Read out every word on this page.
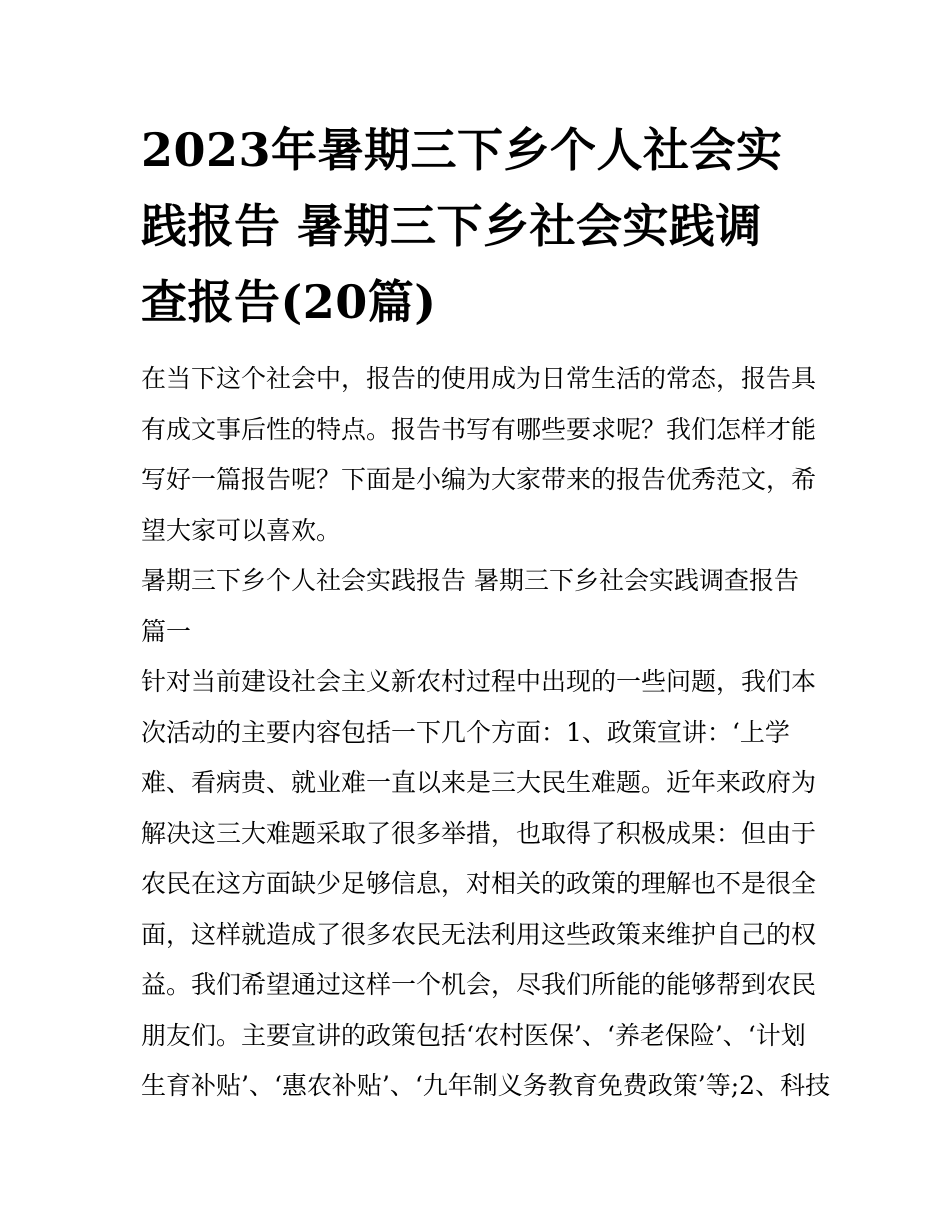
2023年暑期三下乡个人社会实
践报告 暑期三下乡社会实践调
查报告(20篇)

在当下这个社会中，报告的使用成为日常生活的常态，报告具
有成文事后性的特点。报告书写有哪些要求呢？我们怎样才能
写好一篇报告呢？下面是小编为大家带来的报告优秀范文，希
望大家可以喜欢。

暑期三下乡个人社会实践报告 暑期三下乡社会实践调查报告
篇一

针对当前建设社会主义新农村过程中出现的一些问题，我们本
次活动的主要内容包括一下几个方面：1、政策宣讲：‘上学
难、看病贵、就业难一直以来是三大民生难题。近年来政府为
解决这三大难题采取了很多举措，也取得了积极成果：但由于
农民在这方面缺少足够信息，对相关的政策的理解也不是很全
面，这样就造成了很多农民无法利用这些政策来维护自己的权
益。我们希望通过这样一个机会，尽我们所能的能够帮到农民
朋友们。主要宣讲的政策包括‘农村医保’、‘养老保险’、‘计划
生育补贴’、‘惠农补贴’、‘九年制义务教育免费政策’等;2、科技
